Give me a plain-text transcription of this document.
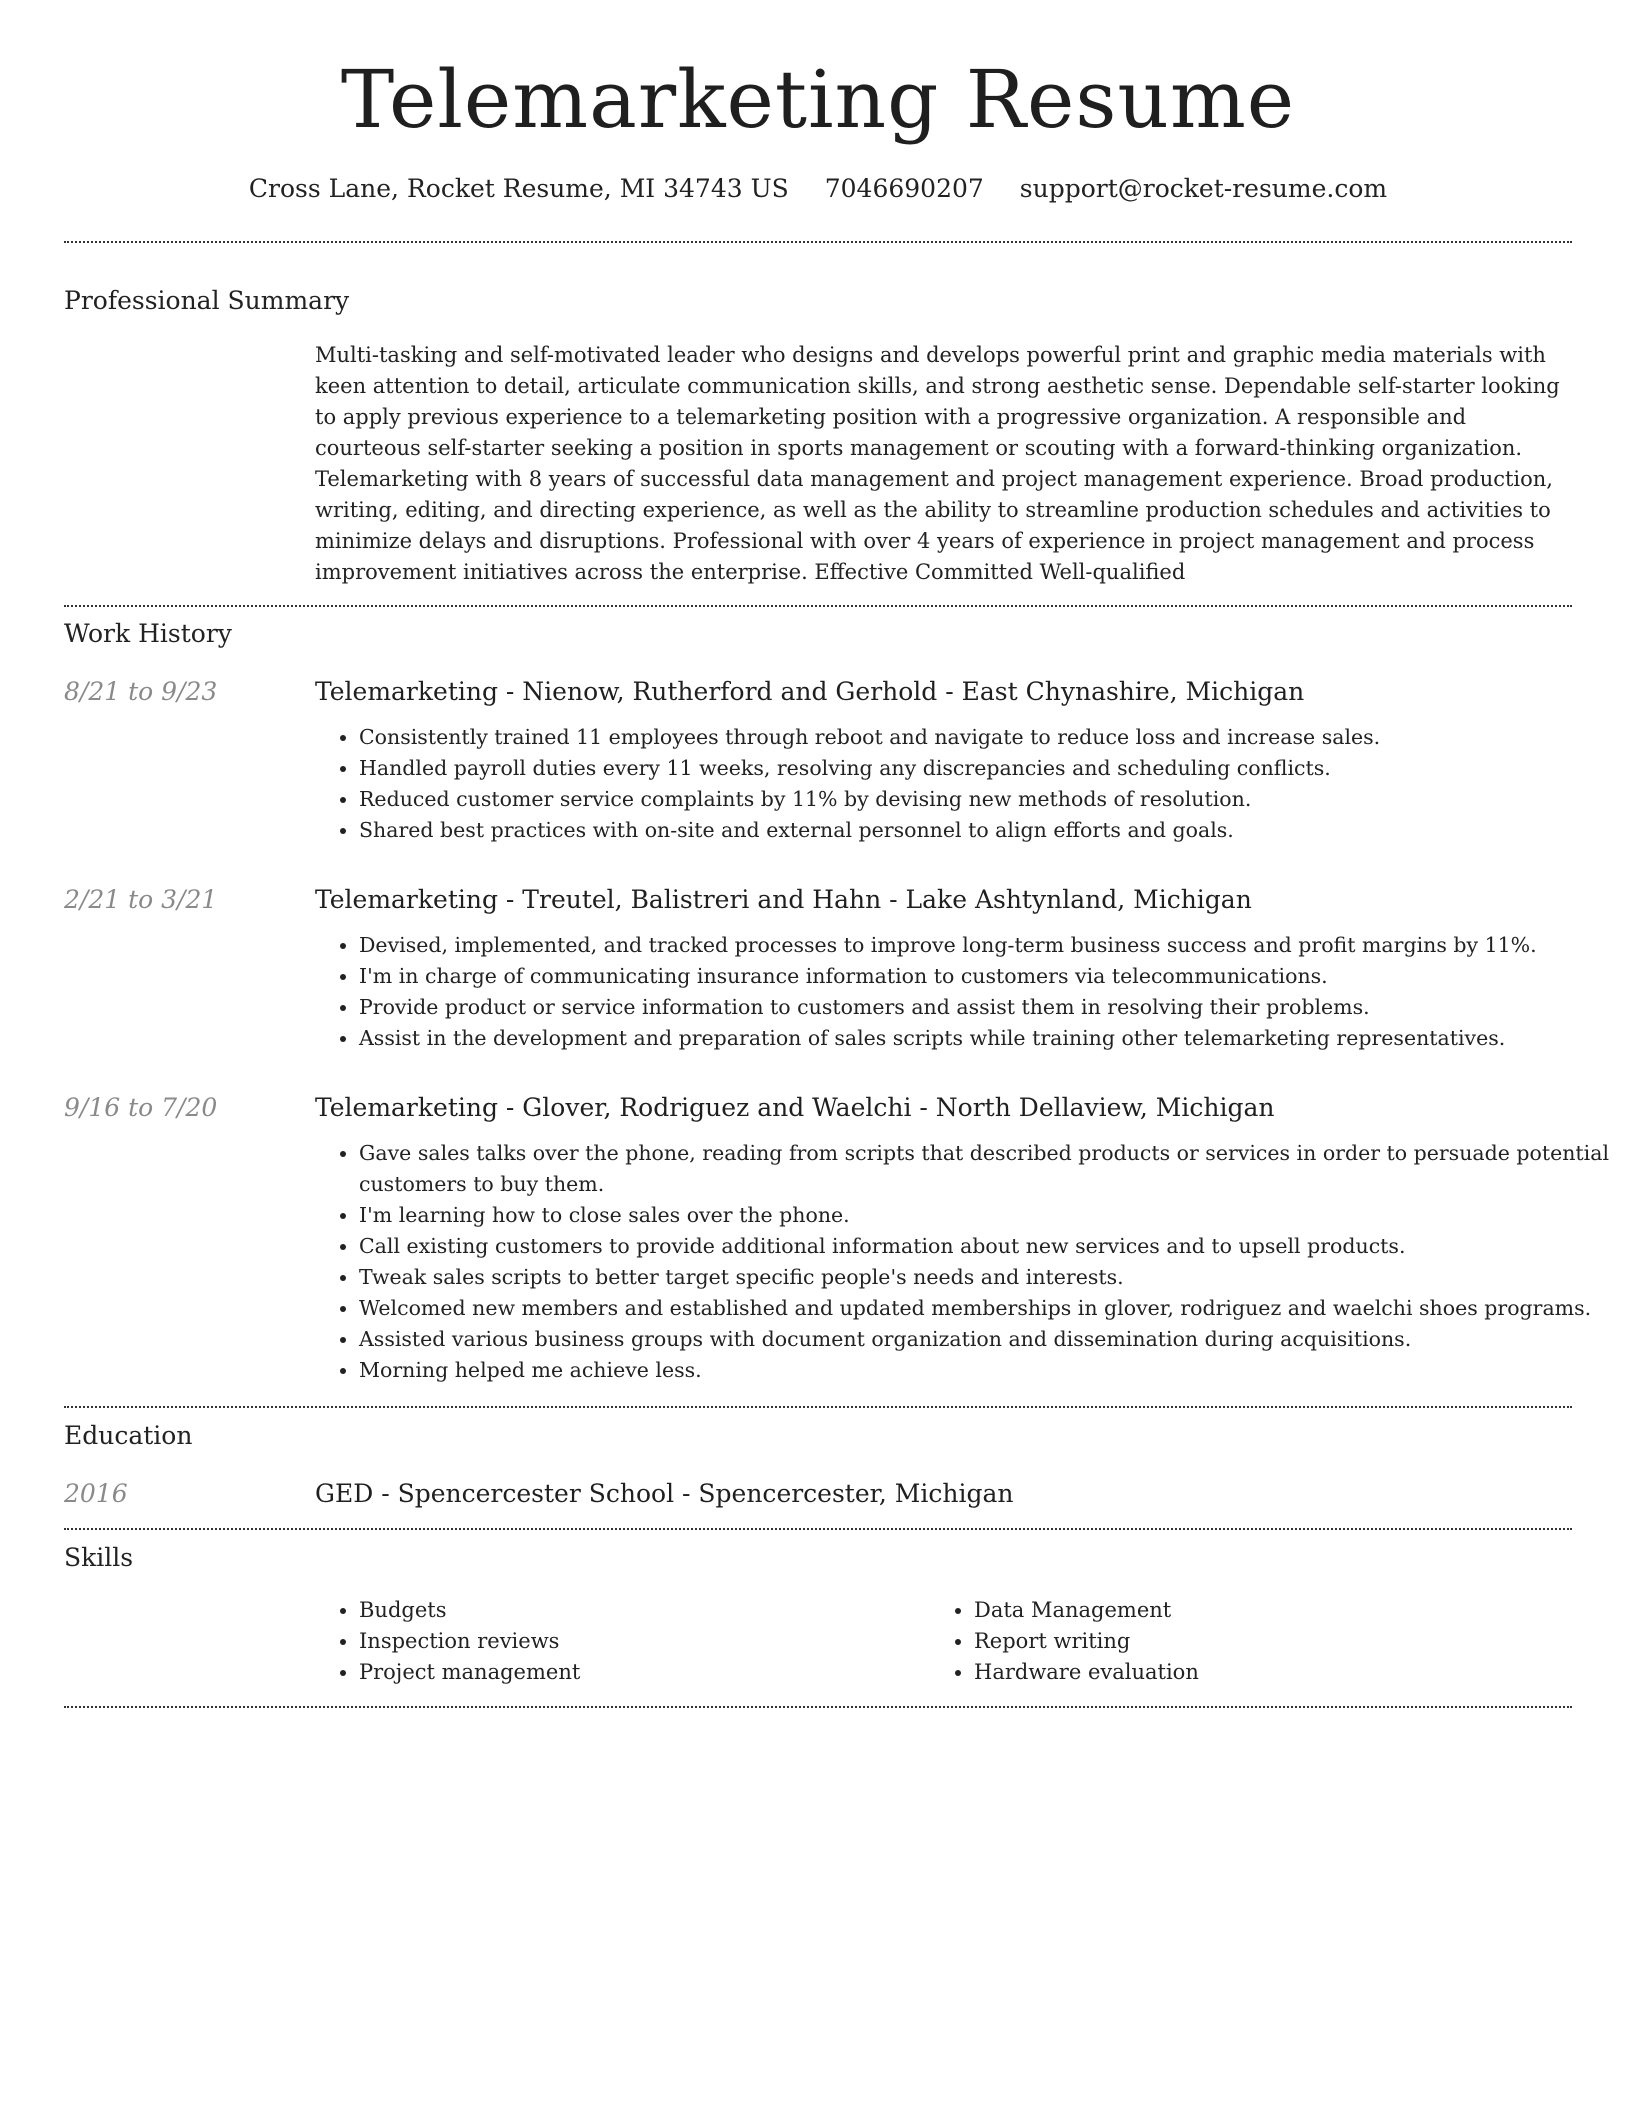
Telemarketing Resume
Cross Lane, Rocket Resume, MI 34743 US 7046690207 support@rocket-resume.com
Professional Summary

Multi-tasking and self-motivated leader who designs and develops powerful print and graphic media materials with keen attention to detail, articulate communication skills, and strong aesthetic sense. Dependable self-starter looking to apply previous experience to a telemarketing position with a progressive organization. A responsible and courteous self-starter seeking a position in sports management or scouting with a forward-thinking organization. Telemarketing with 8 years of successful data management and project management experience. Broad production, writing, editing, and directing experience, as well as the ability to streamline production schedules and activities to minimize delays and disruptions. Professional with over 4 years of experience in project management and process improvement initiatives across the enterprise. Effective Committed Well-qualified

Work History
8/21 to 9/23	Telemarketing - Nienow, Rutherford and Gerhold - East Chynashire, Michigan
• Consistently trained 11 employees through reboot and navigate to reduce loss and increase sales.
• Handled payroll duties every 11 weeks, resolving any discrepancies and scheduling conflicts.
• Reduced customer service complaints by 11% by devising new methods of resolution.
• Shared best practices with on-site and external personnel to align efforts and goals.
2/21 to 3/21	Telemarketing - Treutel, Balistreri and Hahn - Lake Ashtynland, Michigan
• Devised, implemented, and tracked processes to improve long-term business success and profit margins by 11%.
• I'm in charge of communicating insurance information to customers via telecommunications.
• Provide product or service information to customers and assist them in resolving their problems.
• Assist in the development and preparation of sales scripts while training other telemarketing representatives.
9/16 to 7/20	Telemarketing - Glover, Rodriguez and Waelchi - North Dellaview, Michigan
• Gave sales talks over the phone, reading from scripts that described products or services in order to persuade potential customers to buy them.
• I'm learning how to close sales over the phone.
• Call existing customers to provide additional information about new services and to upsell products.
• Tweak sales scripts to better target specific people's needs and interests.
• Welcomed new members and established and updated memberships in glover, rodriguez and waelchi shoes programs.
• Assisted various business groups with document organization and dissemination during acquisitions.
• Morning helped me achieve less.
Education
2016	GED - Spencercester School - Spencercester, Michigan
Skills
• Budgets
• Inspection reviews
• Project management
• Data Management
• Report writing
• Hardware evaluation
